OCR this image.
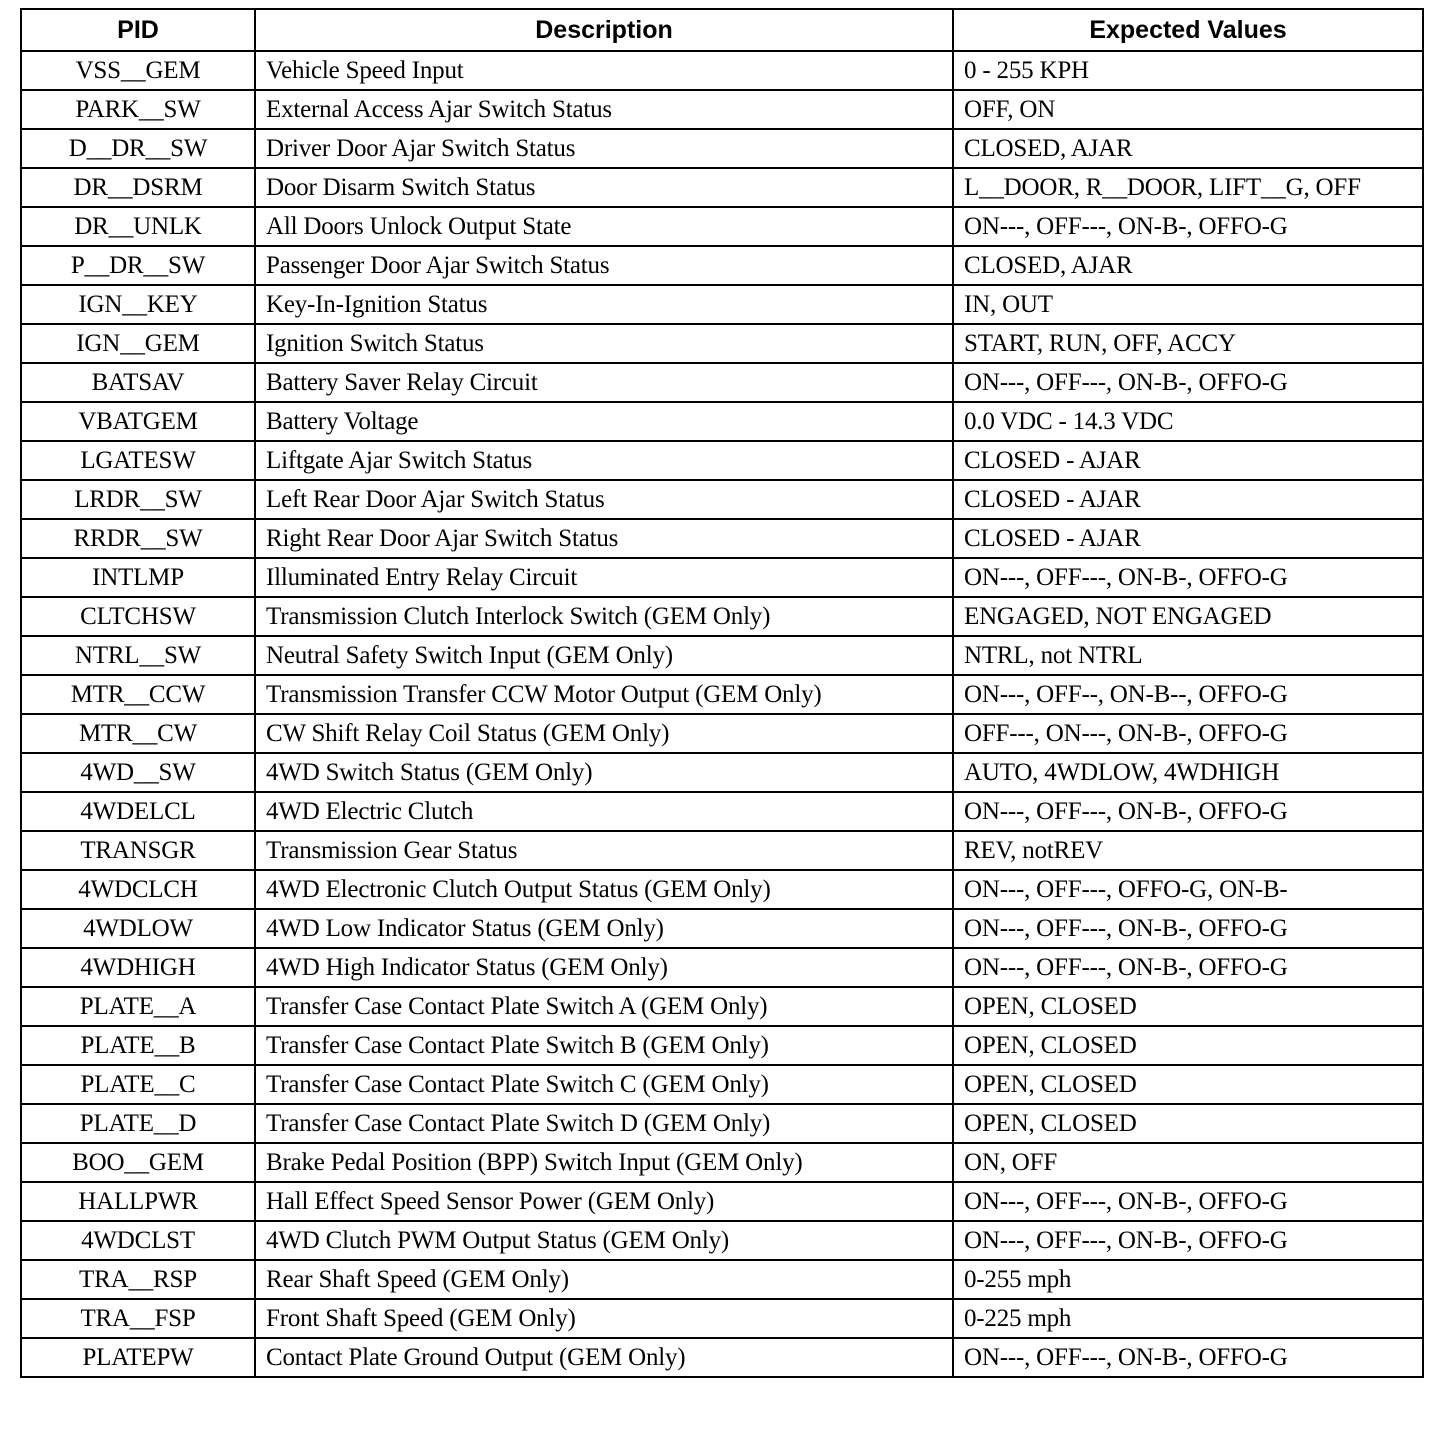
PID	Description	Expected Values
VSS__GEM	Vehicle Speed Input	0 - 255 KPH
PARK__SW	External Access Ajar Switch Status	OFF, ON
D__DR__SW	Driver Door Ajar Switch Status	CLOSED, AJAR
DR__DSRM	Door Disarm Switch Status	L__DOOR, R__DOOR, LIFT__G, OFF
DR__UNLK	All Doors Unlock Output State	ON---, OFF---, ON-B-, OFFO-G
P__DR__SW	Passenger Door Ajar Switch Status	CLOSED, AJAR
IGN__KEY	Key-In-Ignition Status	IN, OUT
IGN__GEM	Ignition Switch Status	START, RUN, OFF, ACCY
BATSAV	Battery Saver Relay Circuit	ON---, OFF---, ON-B-, OFFO-G
VBATGEM	Battery Voltage	0.0 VDC - 14.3 VDC
LGATESW	Liftgate Ajar Switch Status	CLOSED - AJAR
LRDR__SW	Left Rear Door Ajar Switch Status	CLOSED - AJAR
RRDR__SW	Right Rear Door Ajar Switch Status	CLOSED - AJAR
INTLMP	Illuminated Entry Relay Circuit	ON---, OFF---, ON-B-, OFFO-G
CLTCHSW	Transmission Clutch Interlock Switch (GEM Only)	ENGAGED, NOT ENGAGED
NTRL__SW	Neutral Safety Switch Input (GEM Only)	NTRL, not NTRL
MTR__CCW	Transmission Transfer CCW Motor Output (GEM Only)	ON---, OFF--, ON-B--, OFFO-G
MTR__CW	CW Shift Relay Coil Status (GEM Only)	OFF---, ON---, ON-B-, OFFO-G
4WD__SW	4WD Switch Status (GEM Only)	AUTO, 4WDLOW, 4WDHIGH
4WDELCL	4WD Electric Clutch	ON---, OFF---, ON-B-, OFFO-G
TRANSGR	Transmission Gear Status	REV, notREV
4WDCLCH	4WD Electronic Clutch Output Status (GEM Only)	ON---, OFF---, OFFO-G, ON-B-
4WDLOW	4WD Low Indicator Status (GEM Only)	ON---, OFF---, ON-B-, OFFO-G
4WDHIGH	4WD High Indicator Status (GEM Only)	ON---, OFF---, ON-B-, OFFO-G
PLATE__A	Transfer Case Contact Plate Switch A (GEM Only)	OPEN, CLOSED
PLATE__B	Transfer Case Contact Plate Switch B (GEM Only)	OPEN, CLOSED
PLATE__C	Transfer Case Contact Plate Switch C (GEM Only)	OPEN, CLOSED
PLATE__D	Transfer Case Contact Plate Switch D (GEM Only)	OPEN, CLOSED
BOO__GEM	Brake Pedal Position (BPP) Switch Input (GEM Only)	ON, OFF
HALLPWR	Hall Effect Speed Sensor Power (GEM Only)	ON---, OFF---, ON-B-, OFFO-G
4WDCLST	4WD Clutch PWM Output Status (GEM Only)	ON---, OFF---, ON-B-, OFFO-G
TRA__RSP	Rear Shaft Speed (GEM Only)	0-255 mph
TRA__FSP	Front Shaft Speed (GEM Only)	0-225 mph
PLATEPW	Contact Plate Ground Output (GEM Only)	ON---, OFF---, ON-B-, OFFO-G
